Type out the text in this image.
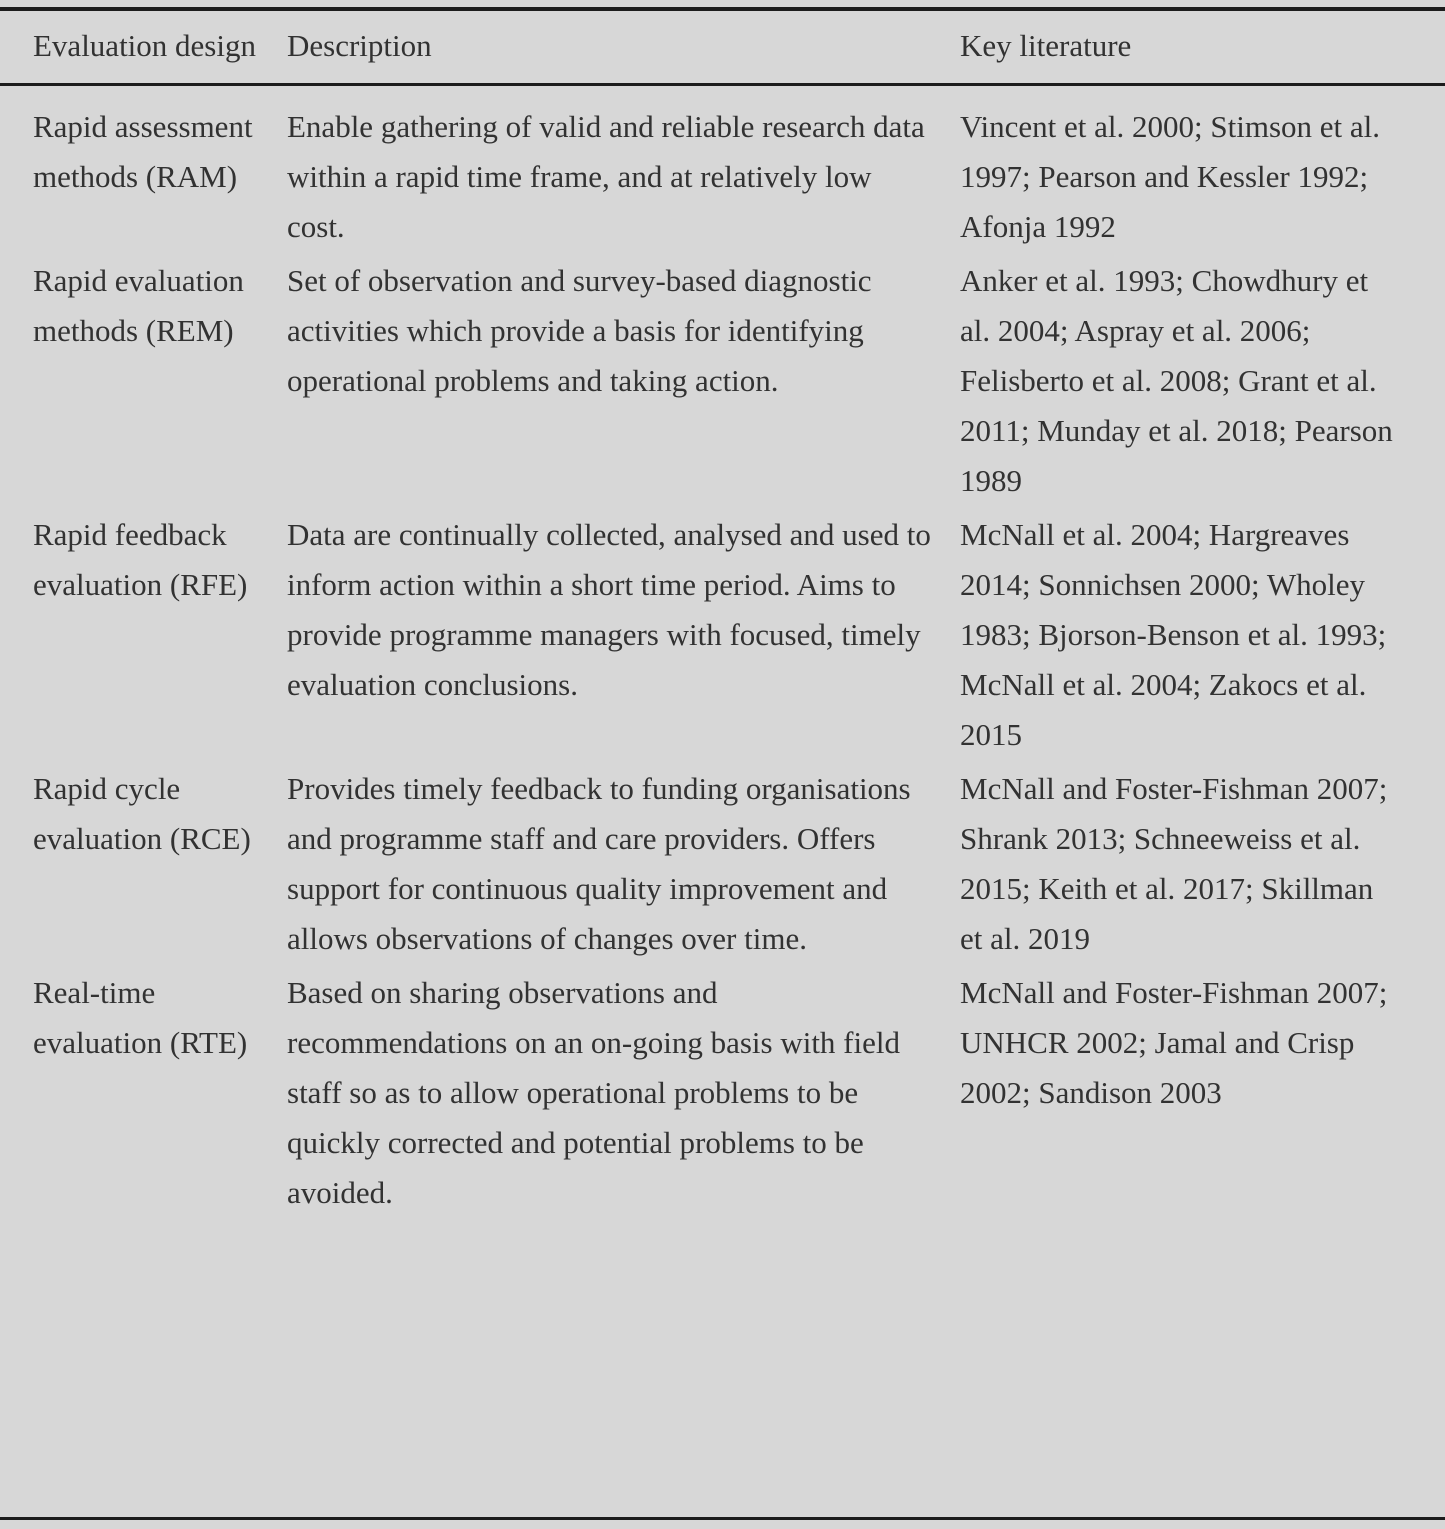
Evaluation design	Description	Key literature
Rapid assessment methods (RAM)
Enable gathering of valid and reliable research data within a rapid time frame, and at relatively low cost.
Vincent et al. 2000; Stimson et al. 1997; Pearson and Kessler 1992; Afonja 1992
Rapid evaluation methods (REM)
Set of observation and survey-based diagnostic activities which provide a basis for identifying operational problems and taking action.
Anker et al. 1993; Chowdhury et al. 2004; Aspray et al. 2006; Felisberto et al. 2008; Grant et al. 2011; Munday et al. 2018; Pearson 1989
Rapid feedback evaluation (RFE)
Data are continually collected, analysed and used to inform action within a short time period. Aims to provide programme managers with focused, timely evaluation conclusions.
McNall et al. 2004; Hargreaves 2014; Sonnichsen 2000; Wholey 1983; Bjorson-Benson et al. 1993; McNall et al. 2004; Zakocs et al. 2015
Rapid cycle evaluation (RCE)
Provides timely feedback to funding organisations and programme staff and care providers. Offers support for continuous quality improvement and allows observations of changes over time.
McNall and Foster-Fishman 2007; Shrank 2013; Schneeweiss et al. 2015; Keith et al. 2017; Skillman et al. 2019
Real-time evaluation (RTE)
Based on sharing observations and recommendations on an on-going basis with field staff so as to allow operational problems to be quickly corrected and potential problems to be avoided.
McNall and Foster-Fishman 2007; UNHCR 2002; Jamal and Crisp 2002; Sandison 2003
